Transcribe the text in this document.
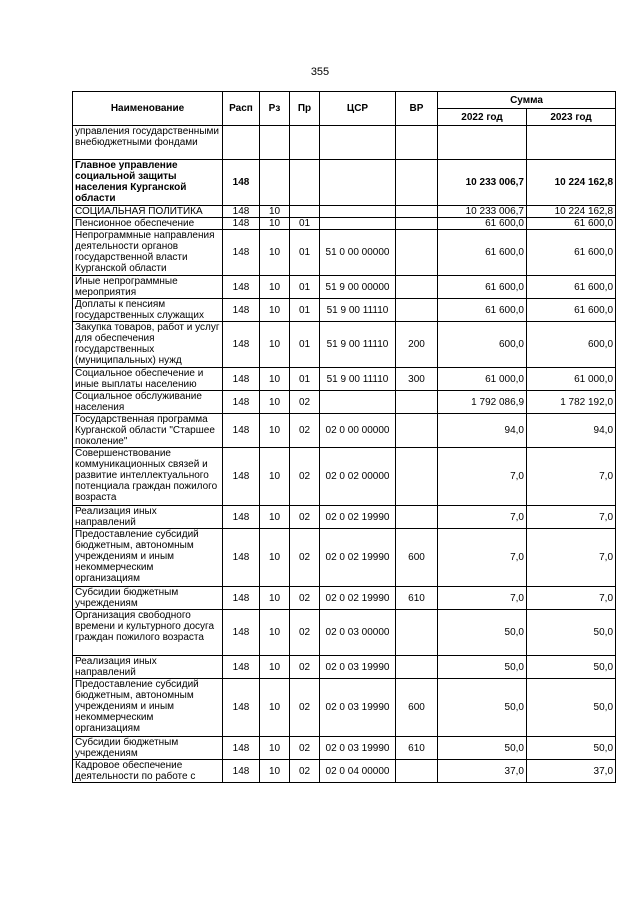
355
Наименование	Расп	Рз	Пр	ЦСР	ВР	Сумма	
						2022 год	2023 год
управления государственными внебюджетными фондами							
Главное управление социальной защиты населения Курганской области	148					10 233 006,7	10 224 162,8
СОЦИАЛЬНАЯ ПОЛИТИКА	148	10				10 233 006,7	10 224 162,8
Пенсионное обеспечение	148	10	01			61 600,0	61 600,0
Непрограммные направления деятельности органов государственной власти Курганской области	148	10	01	51 0 00 00000		61 600,0	61 600,0
Иные непрограммные мероприятия	148	10	01	51 9 00 00000		61 600,0	61 600,0
Доплаты к пенсиям государственных служащих	148	10	01	51 9 00 11110		61 600,0	61 600,0
Закупка товаров, работ и услуг для обеспечения государственных (муниципальных) нужд	148	10	01	51 9 00 11110	200	600,0	600,0
Социальное обеспечение и иные выплаты населению	148	10	01	51 9 00 11110	300	61 000,0	61 000,0
Социальное обслуживание населения	148	10	02			1 792 086,9	1 782 192,0
Государственная программа Курганской области "Старшее поколение"	148	10	02	02 0 00 00000		94,0	94,0
Совершенствование коммуникационных связей и развитие интеллектуального потенциала граждан пожилого возраста	148	10	02	02 0 02 00000		7,0	7,0
Реализация иных направлений	148	10	02	02 0 02 19990		7,0	7,0
Предоставление субсидий бюджетным, автономным учреждениям и иным некоммерческим организациям	148	10	02	02 0 02 19990	600	7,0	7,0
Субсидии бюджетным учреждениям	148	10	02	02 0 02 19990	610	7,0	7,0
Организация свободного времени и культурного досуга граждан пожилого возраста	148	10	02	02 0 03 00000		50,0	50,0
Реализация иных направлений	148	10	02	02 0 03 19990		50,0	50,0
Предоставление субсидий бюджетным, автономным учреждениям и иным некоммерческим организациям	148	10	02	02 0 03 19990	600	50,0	50,0
Субсидии бюджетным учреждениям	148	10	02	02 0 03 19990	610	50,0	50,0
Кадровое обеспечение деятельности по работе с	148	10	02	02 0 04 00000		37,0	37,0
